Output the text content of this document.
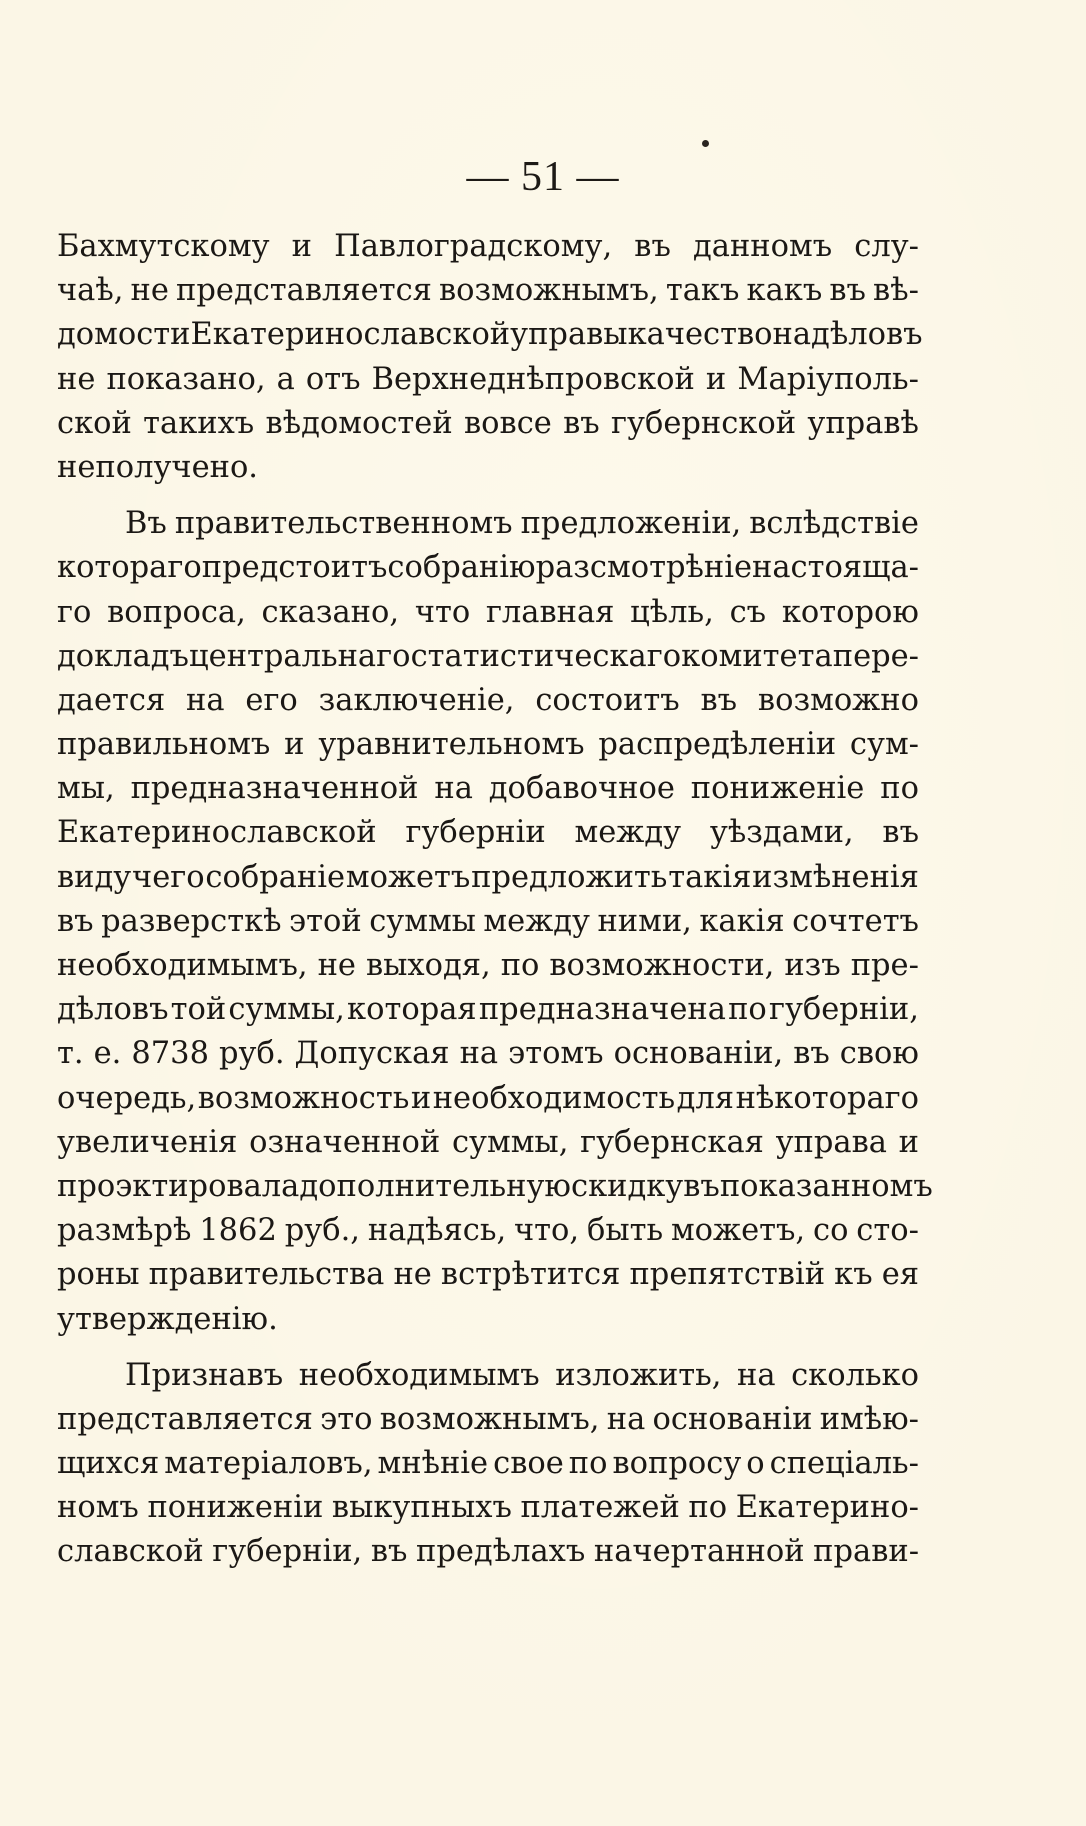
— 51 —
Бахмутскому и Павлоградскому, въ данномъ слу-
чаѣ, не представляется возможнымъ, такъ какъ въ вѣ-
домости Екатеринославской управы качество надѣловъ
не показано, а отъ Верхнеднѣпровской и Маріуполь-
ской такихъ вѣдомостей вовсе въ губернской управѣ
не получено.
Въ правительственномъ предложеніи, вслѣдствіе
котораго предстоитъ собранію разсмотрѣніе настояща-
го вопроса, сказано, что главная цѣль, съ которою
докладъ центральнаго статистическаго комитета пере-
дается на его заключеніе, состоитъ въ возможно
правильномъ и уравнительномъ распредѣленіи сум-
мы, предназначенной на добавочное пониженіе по
Екатеринославской губерніи между уѣздами, въ
виду чего собраніе можетъ предложить такія измѣненія
въ разверсткѣ этой суммы между ними, какія сочтетъ
необходимымъ, не выходя, по возможности, изъ пре-
дѣловъ той суммы, которая предназначена по губерніи,
т. е. 8738 руб. Допуская на этомъ основаніи, въ свою
очередь, возможность и необходимость для нѣкотораго
увеличенія означенной суммы, губернская управа и
проэктировала дополнительную скидку въ показанномъ
размѣрѣ 1862 руб., надѣясь, что, быть можетъ, со сто-
роны правительства не встрѣтится препятствій къ ея
утвержденію.
Признавъ необходимымъ изложить, на сколько
представляется это возможнымъ, на основаніи имѣю-
щихся матеріаловъ, мнѣніе свое по вопросу о спеціаль-
номъ пониженіи выкупныхъ платежей по Екатерино-
славской губерніи, въ предѣлахъ начертанной прави-
